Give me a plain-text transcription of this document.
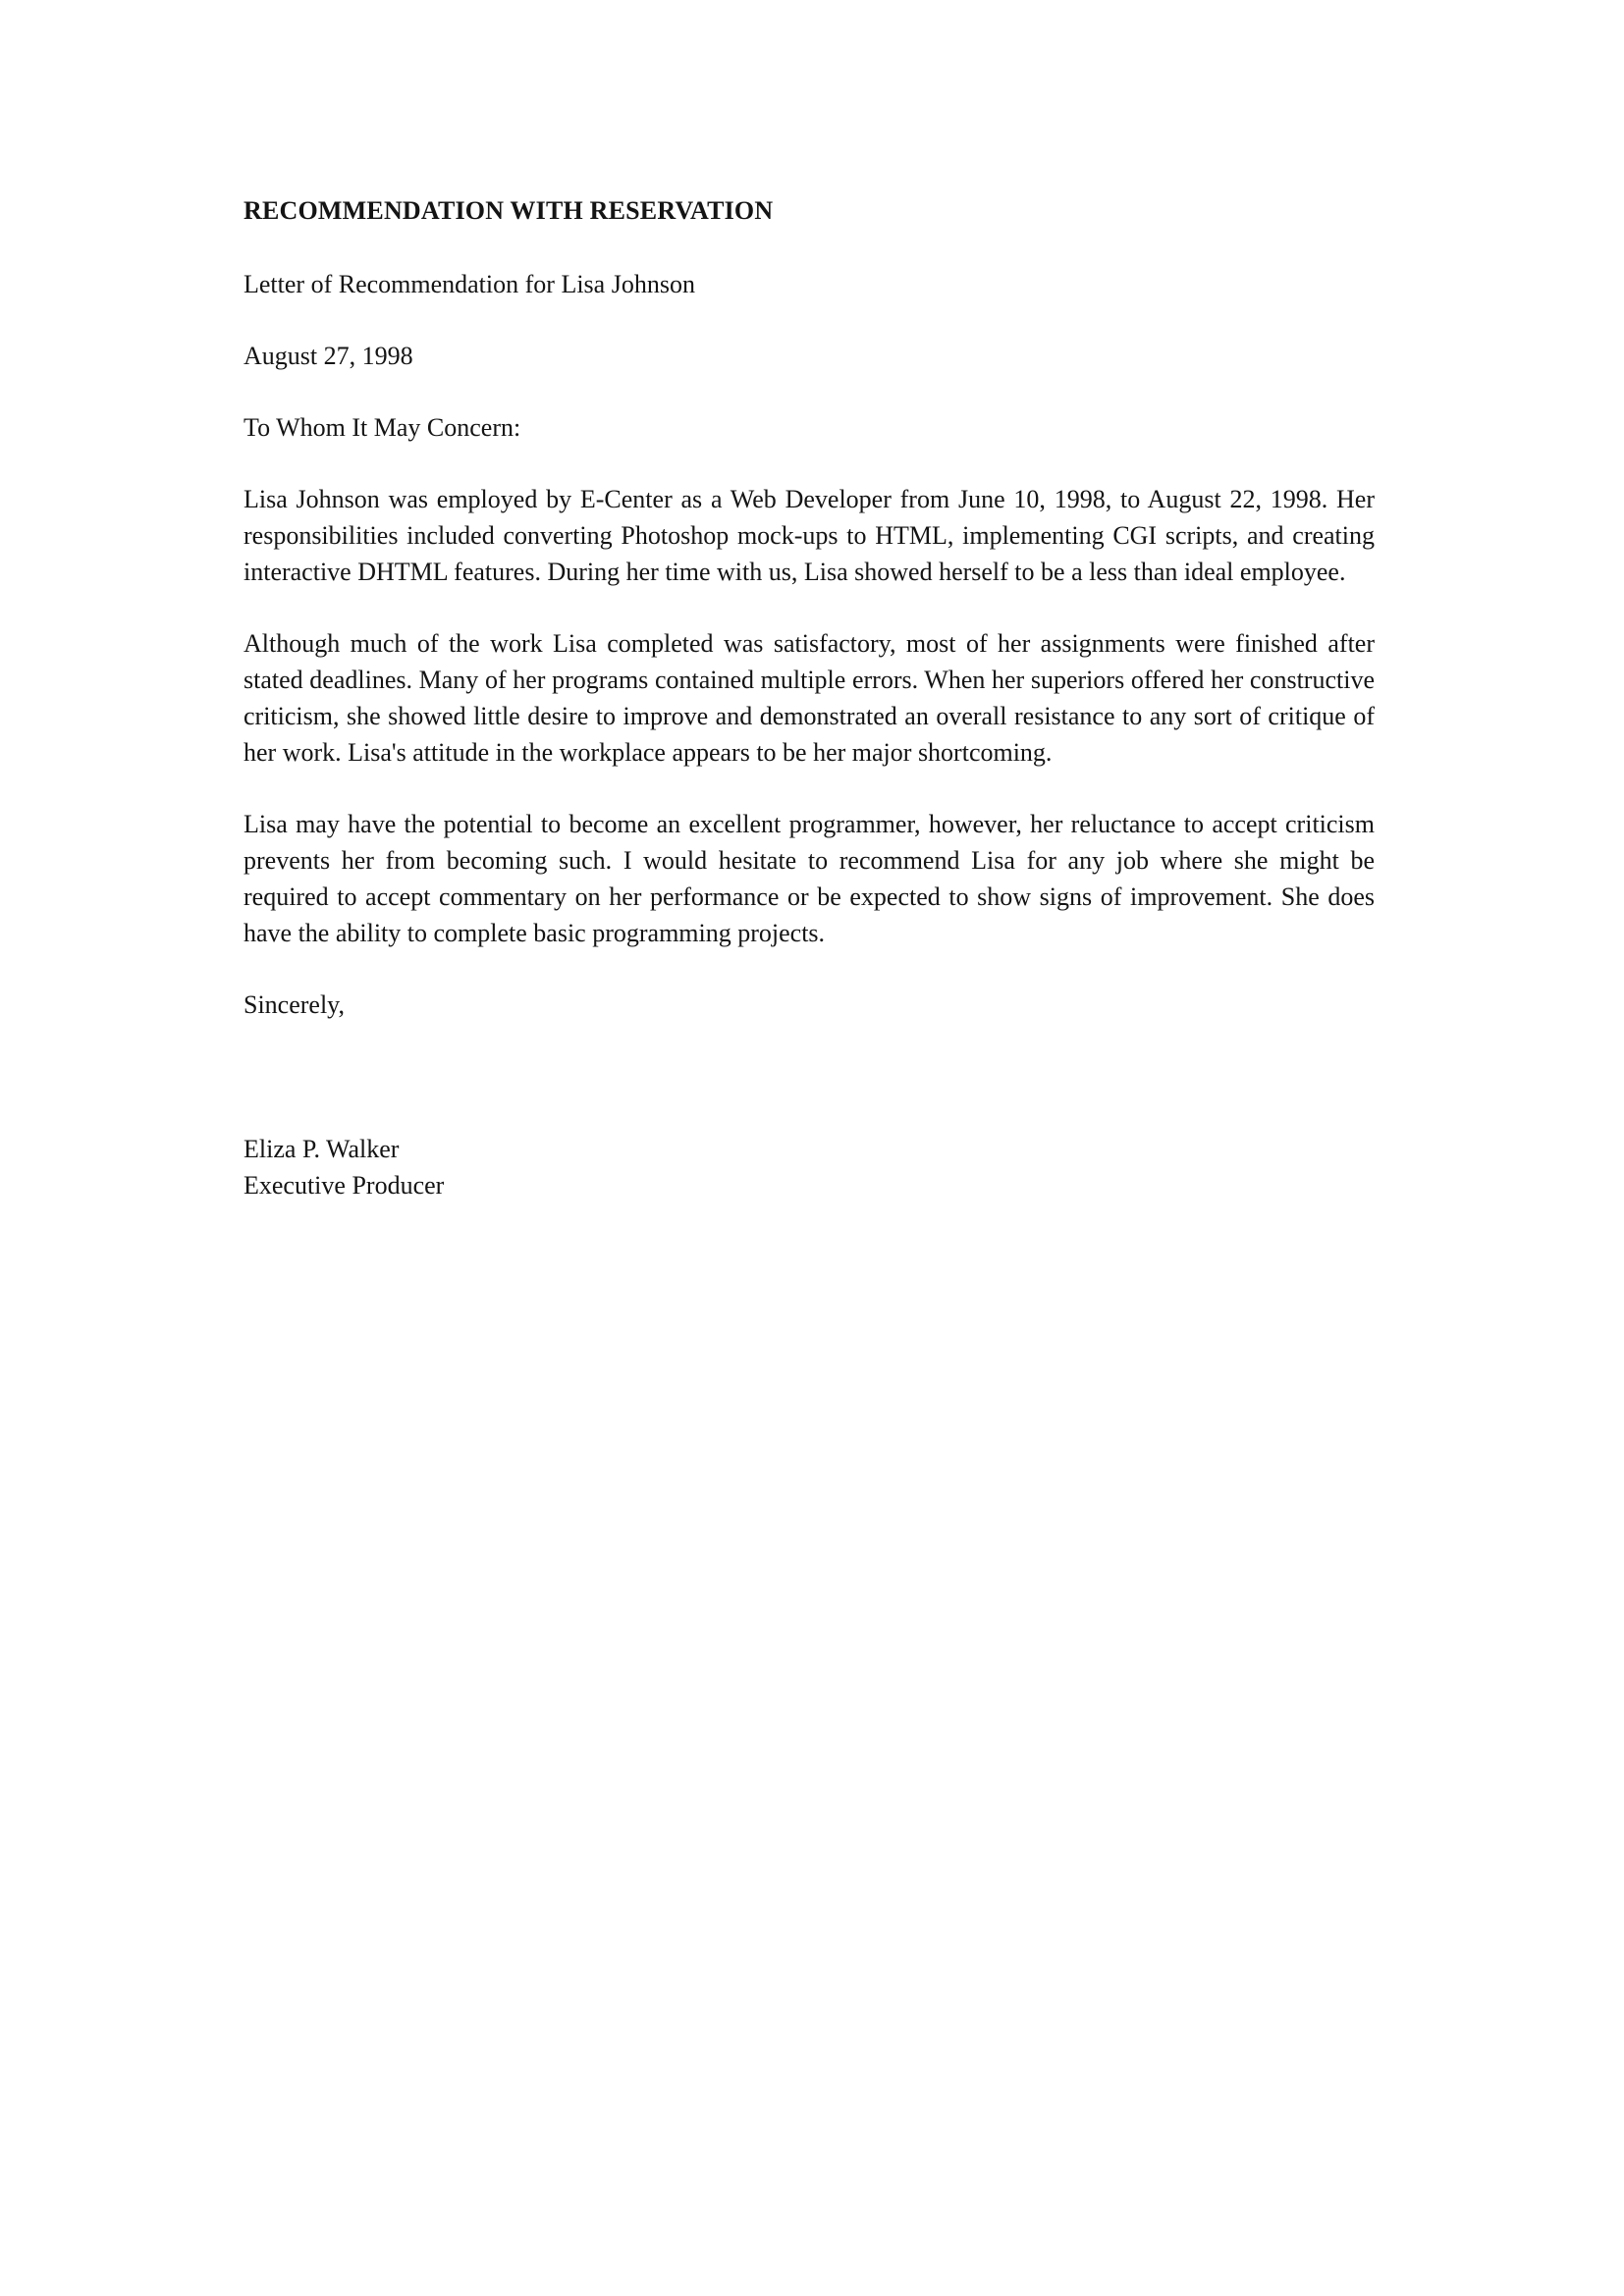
RECOMMENDATION WITH RESERVATION

Letter of Recommendation for Lisa Johnson

August 27, 1998

To Whom It May Concern:

Lisa Johnson was employed by E-Center as a Web Developer from June 10, 1998, to August 22, 1998. Her responsibilities included converting Photoshop mock-ups to HTML, implementing CGI scripts, and creating interactive DHTML features. During her time with us, Lisa showed herself to be a less than ideal employee.

Although much of the work Lisa completed was satisfactory, most of her assignments were finished after stated deadlines. Many of her programs contained multiple errors. When her superiors offered her constructive criticism, she showed little desire to improve and demonstrated an overall resistance to any sort of critique of her work. Lisa's attitude in the workplace appears to be her major shortcoming.

Lisa may have the potential to become an excellent programmer, however, her reluctance to accept criticism prevents her from becoming such. I would hesitate to recommend Lisa for any job where she might be required to accept commentary on her performance or be expected to show signs of improvement. She does have the ability to complete basic programming projects.

Sincerely,

Eliza P. Walker

Executive Producer
